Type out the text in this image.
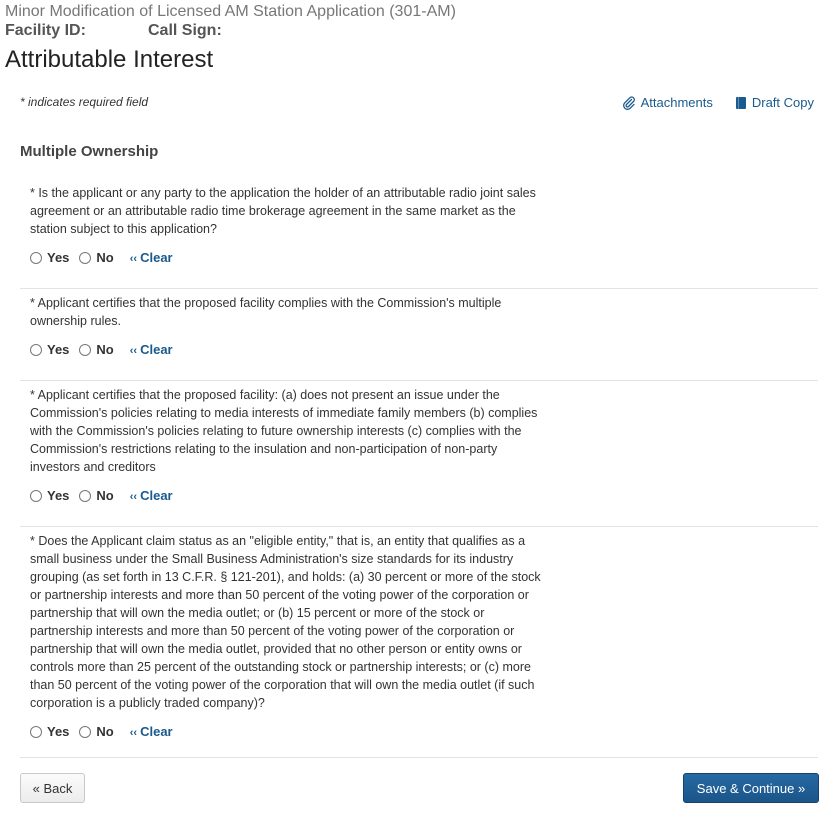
Minor Modification of Licensed AM Station Application (301-AM)
Facility ID:	Call Sign:
Attributable Interest
* indicates required field	Attachments	Draft Copy
Multiple Ownership
* Is the applicant or any party to the application the holder of an attributable radio joint sales agreement or an attributable radio time brokerage agreement in the same market as the station subject to this application?
Yes No ‹‹ Clear
* Applicant certifies that the proposed facility complies with the Commission's multiple ownership rules.
Yes No ‹‹ Clear
* Applicant certifies that the proposed facility: (a) does not present an issue under the Commission's policies relating to media interests of immediate family members (b) complies with the Commission's policies relating to future ownership interests (c) complies with the Commission's restrictions relating to the insulation and non-participation of non-party investors and creditors
Yes No ‹‹ Clear
* Does the Applicant claim status as an "eligible entity," that is, an entity that qualifies as a small business under the Small Business Administration's size standards for its industry grouping (as set forth in 13 C.F.R. § 121-201), and holds: (a) 30 percent or more of the stock or partnership interests and more than 50 percent of the voting power of the corporation or partnership that will own the media outlet; or (b) 15 percent or more of the stock or partnership interests and more than 50 percent of the voting power of the corporation or partnership that will own the media outlet, provided that no other person or entity owns or controls more than 25 percent of the outstanding stock or partnership interests; or (c) more than 50 percent of the voting power of the corporation that will own the media outlet (if such corporation is a publicly traded company)?
Yes No ‹‹ Clear
« Back	Save & Continue »
